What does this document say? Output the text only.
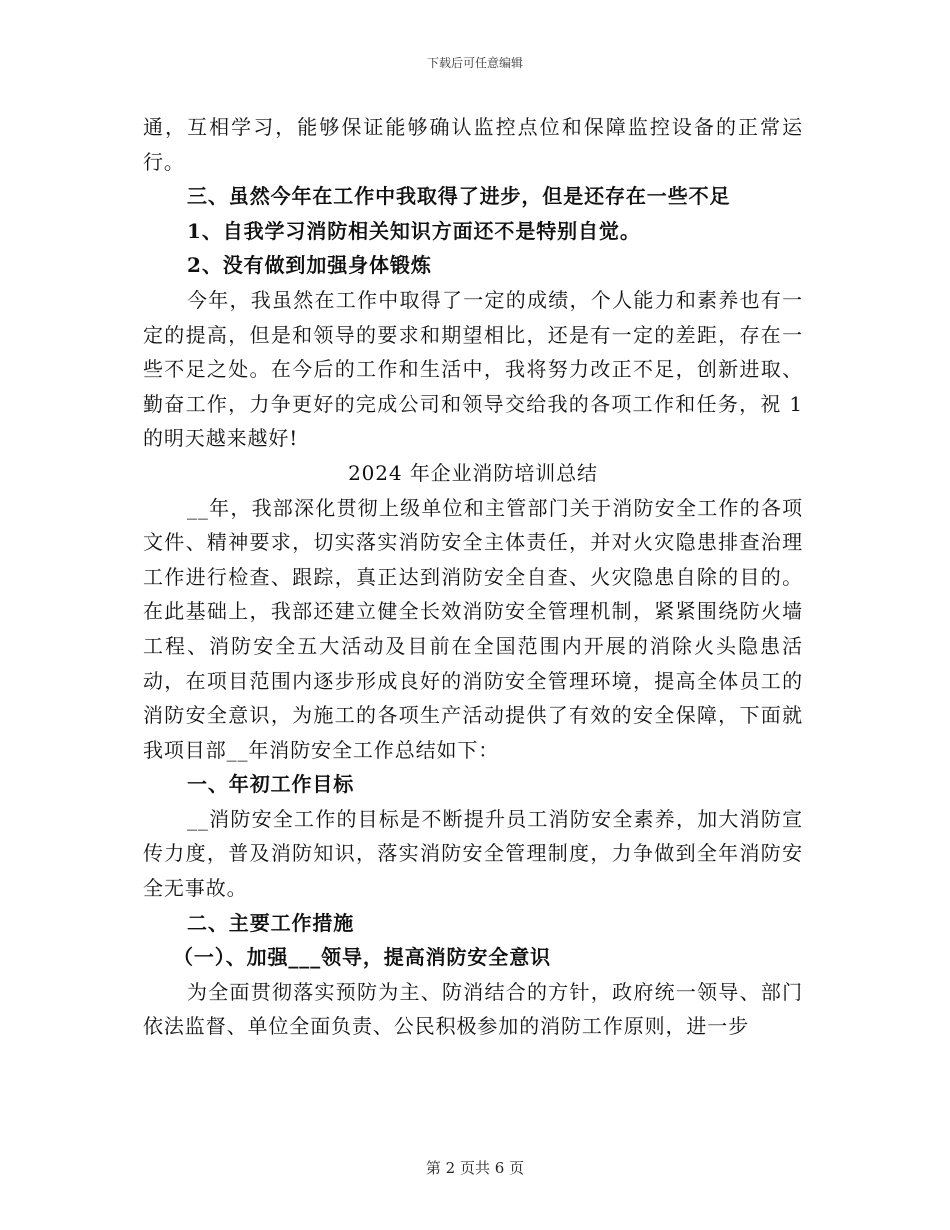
下载后可任意编辑

通，互相学习，能够保证能够确认监控点位和保障监控设备的正常运行。

三、虽然今年在工作中我取得了进步，但是还存在一些不足

1、自我学习消防相关知识方面还不是特别自觉。

2、没有做到加强身体锻炼

今年，我虽然在工作中取得了一定的成绩，个人能力和素养也有一定的提高，但是和领导的要求和期望相比，还是有一定的差距，存在一些不足之处。在今后的工作和生活中，我将努力改正不足，创新进取、勤奋工作，力争更好的完成公司和领导交给我的各项工作和任务，祝 1 的明天越来越好!

2024 年企业消防培训总结

__年，我部深化贯彻上级单位和主管部门关于消防安全工作的各项文件、精神要求，切实落实消防安全主体责任，并对火灾隐患排查治理工作进行检查、跟踪，真正达到消防安全自查、火灾隐患自除的目的。在此基础上，我部还建立健全长效消防安全管理机制，紧紧围绕防火墙工程、消防安全五大活动及目前在全国范围内开展的消除火头隐患活动，在项目范围内逐步形成良好的消防安全管理环境，提高全体员工的消防安全意识，为施工的各项生产活动提供了有效的安全保障，下面就我项目部__年消防安全工作总结如下：

一、年初工作目标

__消防安全工作的目标是不断提升员工消防安全素养，加大消防宣传力度，普及消防知识，落实消防安全管理制度，力争做到全年消防安全无事故。

二、主要工作措施

（一）、加强___领导，提高消防安全意识

为全面贯彻落实预防为主、防消结合的方针，政府统一领导、部门依法监督、单位全面负责、公民积极参加的消防工作原则，进一步

第 2 页共 6 页
